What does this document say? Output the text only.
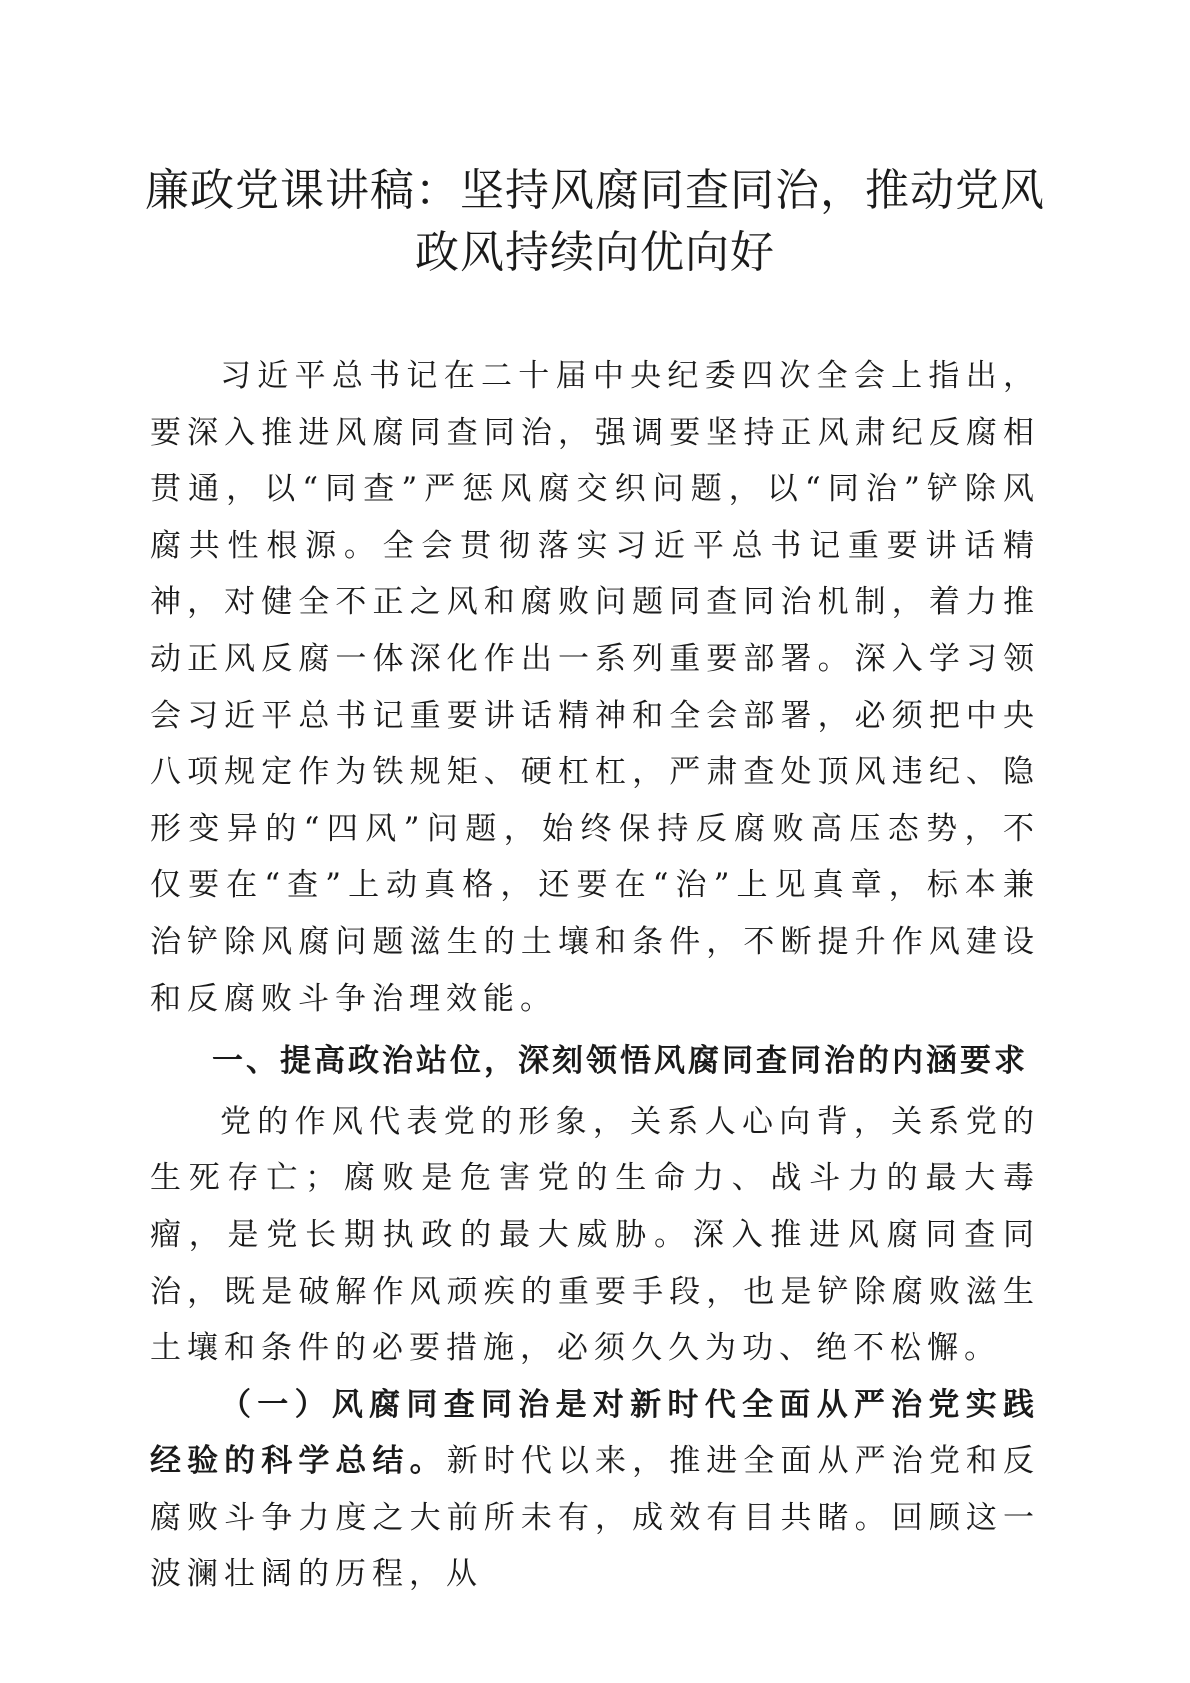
廉政党课讲稿：坚持风腐同查同治，推动党风政风持续向优向好

习近平总书记在二十届中央纪委四次全会上指出，要深入推进风腐同查同治，强调要坚持正风肃纪反腐相贯通，以“同查”严惩风腐交织问题，以“同治”铲除风腐共性根源。全会贯彻落实习近平总书记重要讲话精神，对健全不正之风和腐败问题同查同治机制，着力推动正风反腐一体深化作出一系列重要部署。深入学习领会习近平总书记重要讲话精神和全会部署，必须把中央八项规定作为铁规矩、硬杠杠，严肃查处顶风违纪、隐形变异的“四风”问题，始终保持反腐败高压态势，不仅要在“查”上动真格，还要在“治”上见真章，标本兼治铲除风腐问题滋生的土壤和条件，不断提升作风建设和反腐败斗争治理效能。

一、提高政治站位，深刻领悟风腐同查同治的内涵要求

党的作风代表党的形象，关系人心向背，关系党的生死存亡；腐败是危害党的生命力、战斗力的最大毒瘤，是党长期执政的最大威胁。深入推进风腐同查同治，既是破解作风顽疾的重要手段，也是铲除腐败滋生土壤和条件的必要措施，必须久久为功、绝不松懈。

（一）风腐同查同治是对新时代全面从严治党实践经验的科学总结。新时代以来，推进全面从严治党和反腐败斗争力度之大前所未有，成效有目共睹。回顾这一波澜壮阔的历程，从
